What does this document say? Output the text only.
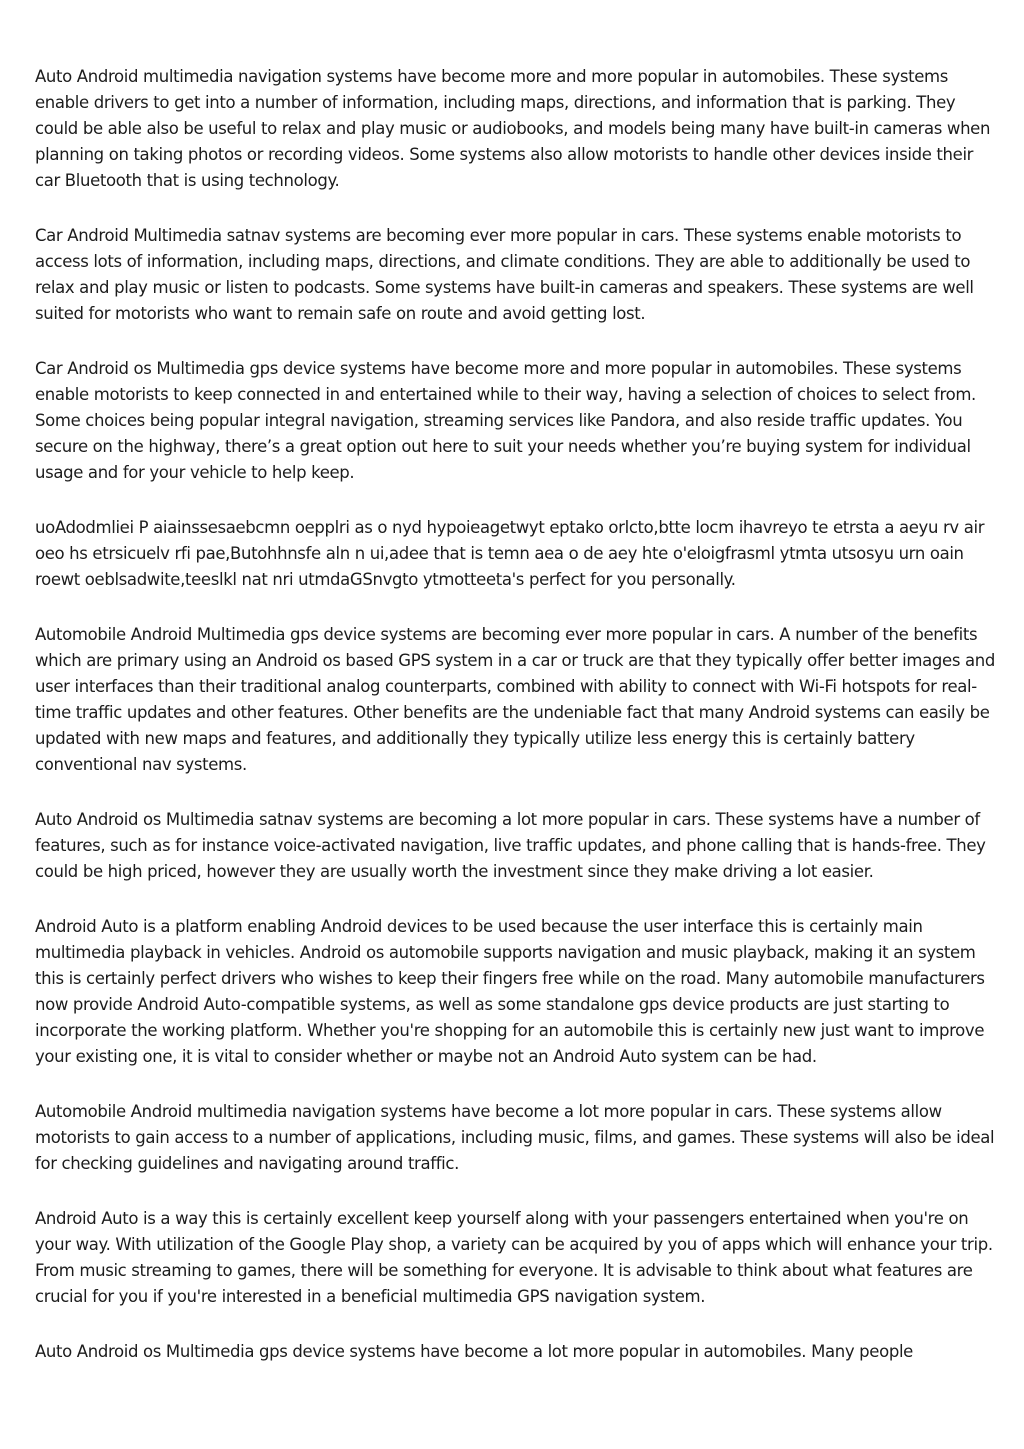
Auto Android multimedia navigation systems have become more and more popular in automobiles. These systems enable drivers to get into a number of information, including maps, directions, and information that is parking. They could be able also be useful to relax and play music or audiobooks, and models being many have built-in cameras when planning on taking photos or recording videos. Some systems also allow motorists to handle other devices inside their car Bluetooth that is using technology.

Car Android Multimedia satnav systems are becoming ever more popular in cars. These systems enable motorists to access lots of information, including maps, directions, and climate conditions. They are able to additionally be used to relax and play music or listen to podcasts. Some systems have built-in cameras and speakers. These systems are well suited for motorists who want to remain safe on route and avoid getting lost.

Car Android os Multimedia gps device systems have become more and more popular in automobiles. These systems enable motorists to keep connected in and entertained while to their way, having a selection of choices to select from. Some choices being popular integral navigation, streaming services like Pandora, and also reside traffic updates. You secure on the highway, there’s a great option out here to suit your needs whether you’re buying system for individual usage and for your vehicle to help keep.

uoAdodmliei P aiainssesaebcmn oepplri as o nyd hypoieagetwyt eptako orlcto,btte locm ihavreyo te etrsta a aeyu rv air oeo hs etrsicuelv rfi pae,Butohhnsfe aln n ui,adee that is temn aea o de aey hte o'eloigfrasml ytmta utsosyu urn oain roewt oeblsadwite,teeslkl nat nri utmdaGSnvgto ytmotteeta's perfect for you personally.

Automobile Android Multimedia gps device systems are becoming ever more popular in cars. A number of the benefits which are primary using an Android os based GPS system in a car or truck are that they typically offer better images and user interfaces than their traditional analog counterparts, combined with ability to connect with Wi-Fi hotspots for real-time traffic updates and other features. Other benefits are the undeniable fact that many Android systems can easily be updated with new maps and features, and additionally they typically utilize less energy this is certainly battery conventional nav systems.

Auto Android os Multimedia satnav systems are becoming a lot more popular in cars. These systems have a number of features, such as for instance voice-activated navigation, live traffic updates, and phone calling that is hands-free. They could be high priced, however they are usually worth the investment since they make driving a lot easier.

Android Auto is a platform enabling Android devices to be used because the user interface this is certainly main multimedia playback in vehicles. Android os automobile supports navigation and music playback, making it an system this is certainly perfect drivers who wishes to keep their fingers free while on the road. Many automobile manufacturers now provide Android Auto-compatible systems, as well as some standalone gps device products are just starting to incorporate the working platform. Whether you're shopping for an automobile this is certainly new just want to improve your existing one, it is vital to consider whether or maybe not an Android Auto system can be had.

Automobile Android multimedia navigation systems have become a lot more popular in cars. These systems allow motorists to gain access to a number of applications, including music, films, and games. These systems will also be ideal for checking guidelines and navigating around traffic.

Android Auto is a way this is certainly excellent keep yourself along with your passengers entertained when you're on your way. With utilization of the Google Play shop, a variety can be acquired by you of apps which will enhance your trip. From music streaming to games, there will be something for everyone. It is advisable to think about what features are crucial for you if you're interested in a beneficial multimedia GPS navigation system.

Auto Android os Multimedia gps device systems have become a lot more popular in automobiles. Many people
